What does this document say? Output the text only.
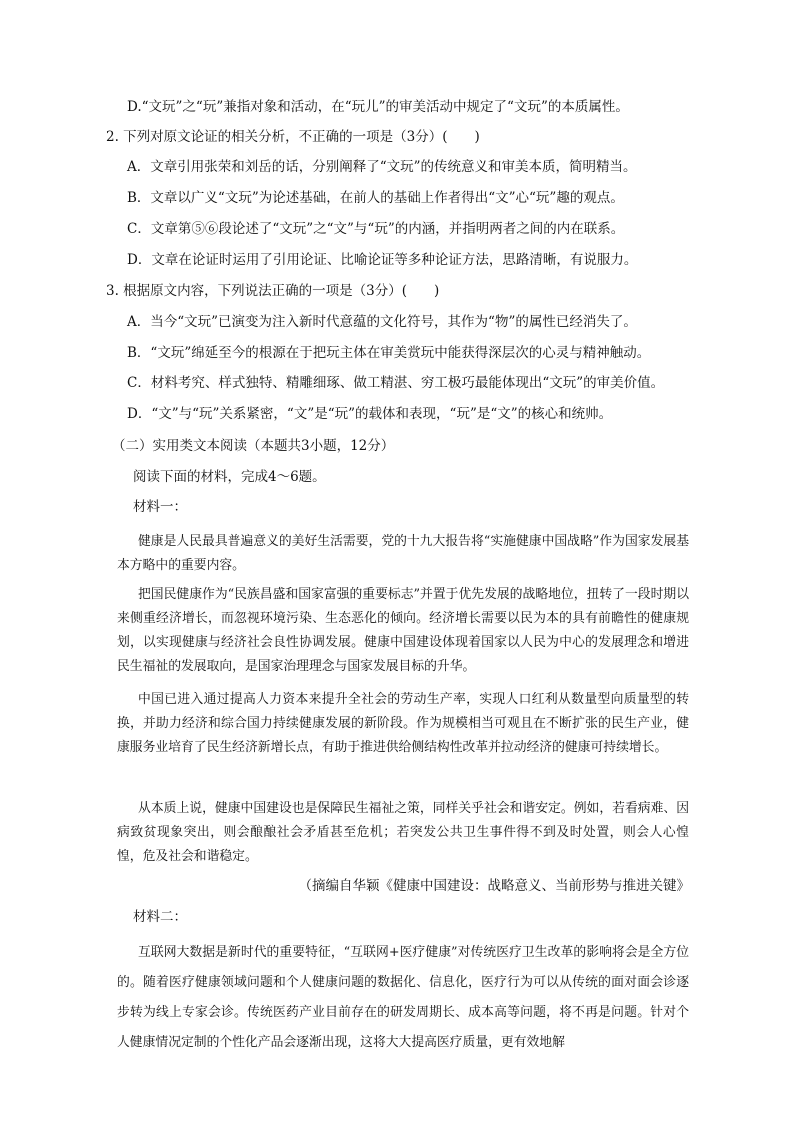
D.“文玩”之“玩”兼指对象和活动，在“玩儿”的审美活动中规定了“文玩”的本质属性。
2. 下列对原文论证的相关分析，不正确的一项是（3分）(　　)
A．文章引用张荣和刘岳的话，分别阐释了“文玩”的传统意义和审美本质，简明精当。
B．文章以广义“文玩”为论述基础，在前人的基础上作者得出“文”心“玩”趣的观点。
C．文章第⑤⑥段论述了“文玩”之“文”与“玩”的内涵，并指明两者之间的内在联系。
D．文章在论证时运用了引用论证、比喻论证等多种论证方法，思路清晰，有说服力。
3. 根据原文内容，下列说法正确的一项是（3分）(　　)
A．当今“文玩”已演变为注入新时代意蕴的文化符号，其作为“物”的属性已经消失了。
B．“文玩”绵延至今的根源在于把玩主体在审美赏玩中能获得深层次的心灵与精神触动。
C．材料考究、样式独特、精雕细琢、做工精湛、穷工极巧最能体现出“文玩”的审美价值。
D．“文”与“玩”关系紧密，“文”是“玩”的载体和表现，“玩”是“文”的核心和统帅。
（二）实用类文本阅读（本题共3小题，12分）
阅读下面的材料，完成4～6题。
材料一：
健康是人民最具普遍意义的美好生活需要，党的十九大报告将“实施健康中国战略”作为国家发展基本方略中的重要内容。
把国民健康作为“民族昌盛和国家富强的重要标志”并置于优先发展的战略地位，扭转了一段时期以来侧重经济增长，而忽视环境污染、生态恶化的倾向。经济增长需要以民为本的具有前瞻性的健康规划，以实现健康与经济社会良性协调发展。健康中国建设体现着国家以人民为中心的发展理念和增进民生福祉的发展取向，是国家治理理念与国家发展目标的升华。
中国已进入通过提高人力资本来提升全社会的劳动生产率，实现人口红利从数量型向质量型的转换，并助力经济和综合国力持续健康发展的新阶段。作为规模相当可观且在不断扩张的民生产业，健康服务业培育了民生经济新增长点，有助于推进供给侧结构性改革并拉动经济的健康可持续增长。
从本质上说，健康中国建设也是保障民生福祉之策，同样关乎社会和谐安定。例如，若看病难、因病致贫现象突出，则会酿酿社会矛盾甚至危机；若突发公共卫生事件得不到及时处置，则会人心惶惶，危及社会和谐稳定。
（摘编自华颖《健康中国建设：战略意义、当前形势与推进关键》
材料二：
互联网大数据是新时代的重要特征，“互联网+医疗健康”对传统医疗卫生改革的影响将会是全方位的。随着医疗健康领域问题和个人健康问题的数据化、信息化，医疗行为可以从传统的面对面会诊逐步转为线上专家会诊。传统医药产业目前存在的研发周期长、成本高等问题，将不再是问题。针对个人健康情况定制的个性化产品会逐渐出现，这将大大提高医疗质量，更有效地解
